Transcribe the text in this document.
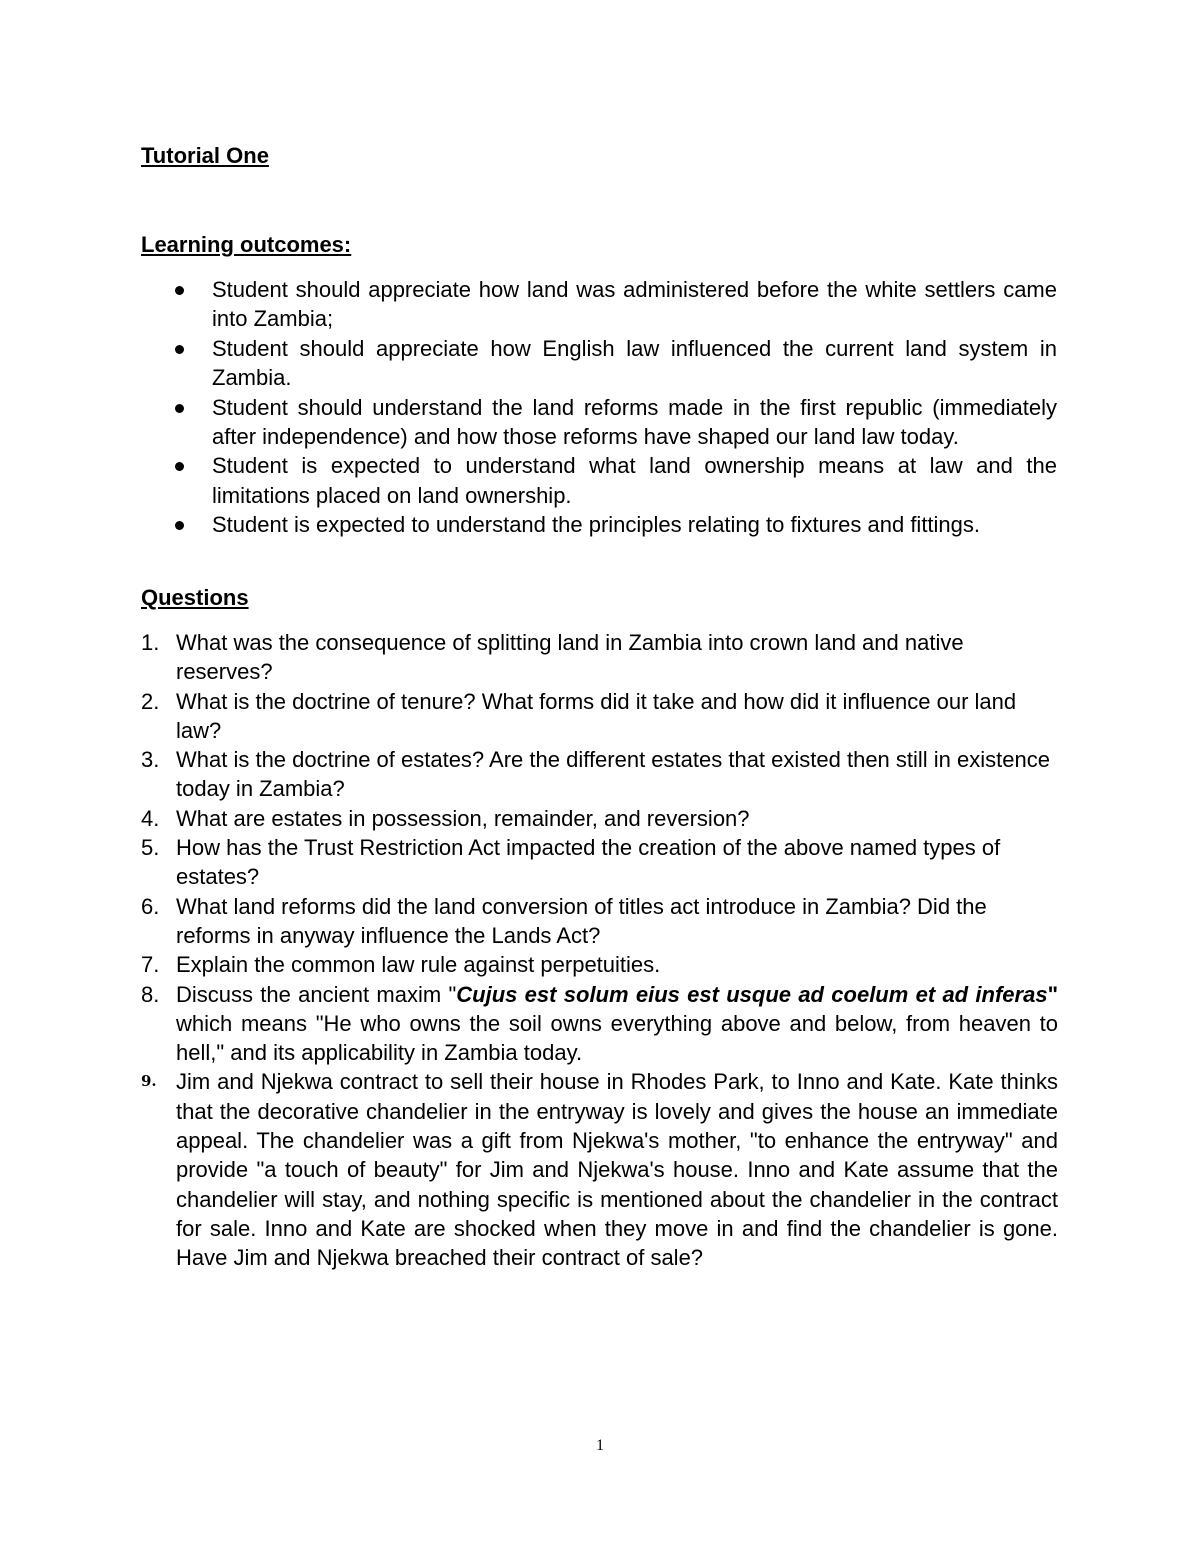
Tutorial One
Learning outcomes:
Student should appreciate how land was administered before the white settlers came into Zambia;
Student should appreciate how English law influenced the current land system in Zambia.
Student should understand the land reforms made in the first republic (immediately after independence) and how those reforms have shaped our land law today.
Student is expected to understand what land ownership means at law and the limitations placed on land ownership.
Student is expected to understand the principles relating to fixtures and fittings.
Questions
1. What was the consequence of splitting land in Zambia into crown land and native reserves?
2. What is the doctrine of tenure? What forms did it take and how did it influence our land law?
3. What is the doctrine of estates? Are the different estates that existed then still in existence today in Zambia?
4. What are estates in possession, remainder, and reversion?
5. How has the Trust Restriction Act impacted the creation of the above named types of estates?
6. What land reforms did the land conversion of titles act introduce in Zambia? Did the reforms in anyway influence the Lands Act?
7. Explain the common law rule against perpetuities.
8. Discuss the ancient maxim "Cujus est solum eius est usque ad coelum et ad inferas" which means "He who owns the soil owns everything above and below, from heaven to hell," and its applicability in Zambia today.
9. Jim and Njekwa contract to sell their house in Rhodes Park, to Inno and Kate. Kate thinks that the decorative chandelier in the entryway is lovely and gives the house an immediate appeal. The chandelier was a gift from Njekwa's mother, "to enhance the entryway" and provide "a touch of beauty" for Jim and Njekwa's house. Inno and Kate assume that the chandelier will stay, and nothing specific is mentioned about the chandelier in the contract for sale. Inno and Kate are shocked when they move in and find the chandelier is gone. Have Jim and Njekwa breached their contract of sale?
1
